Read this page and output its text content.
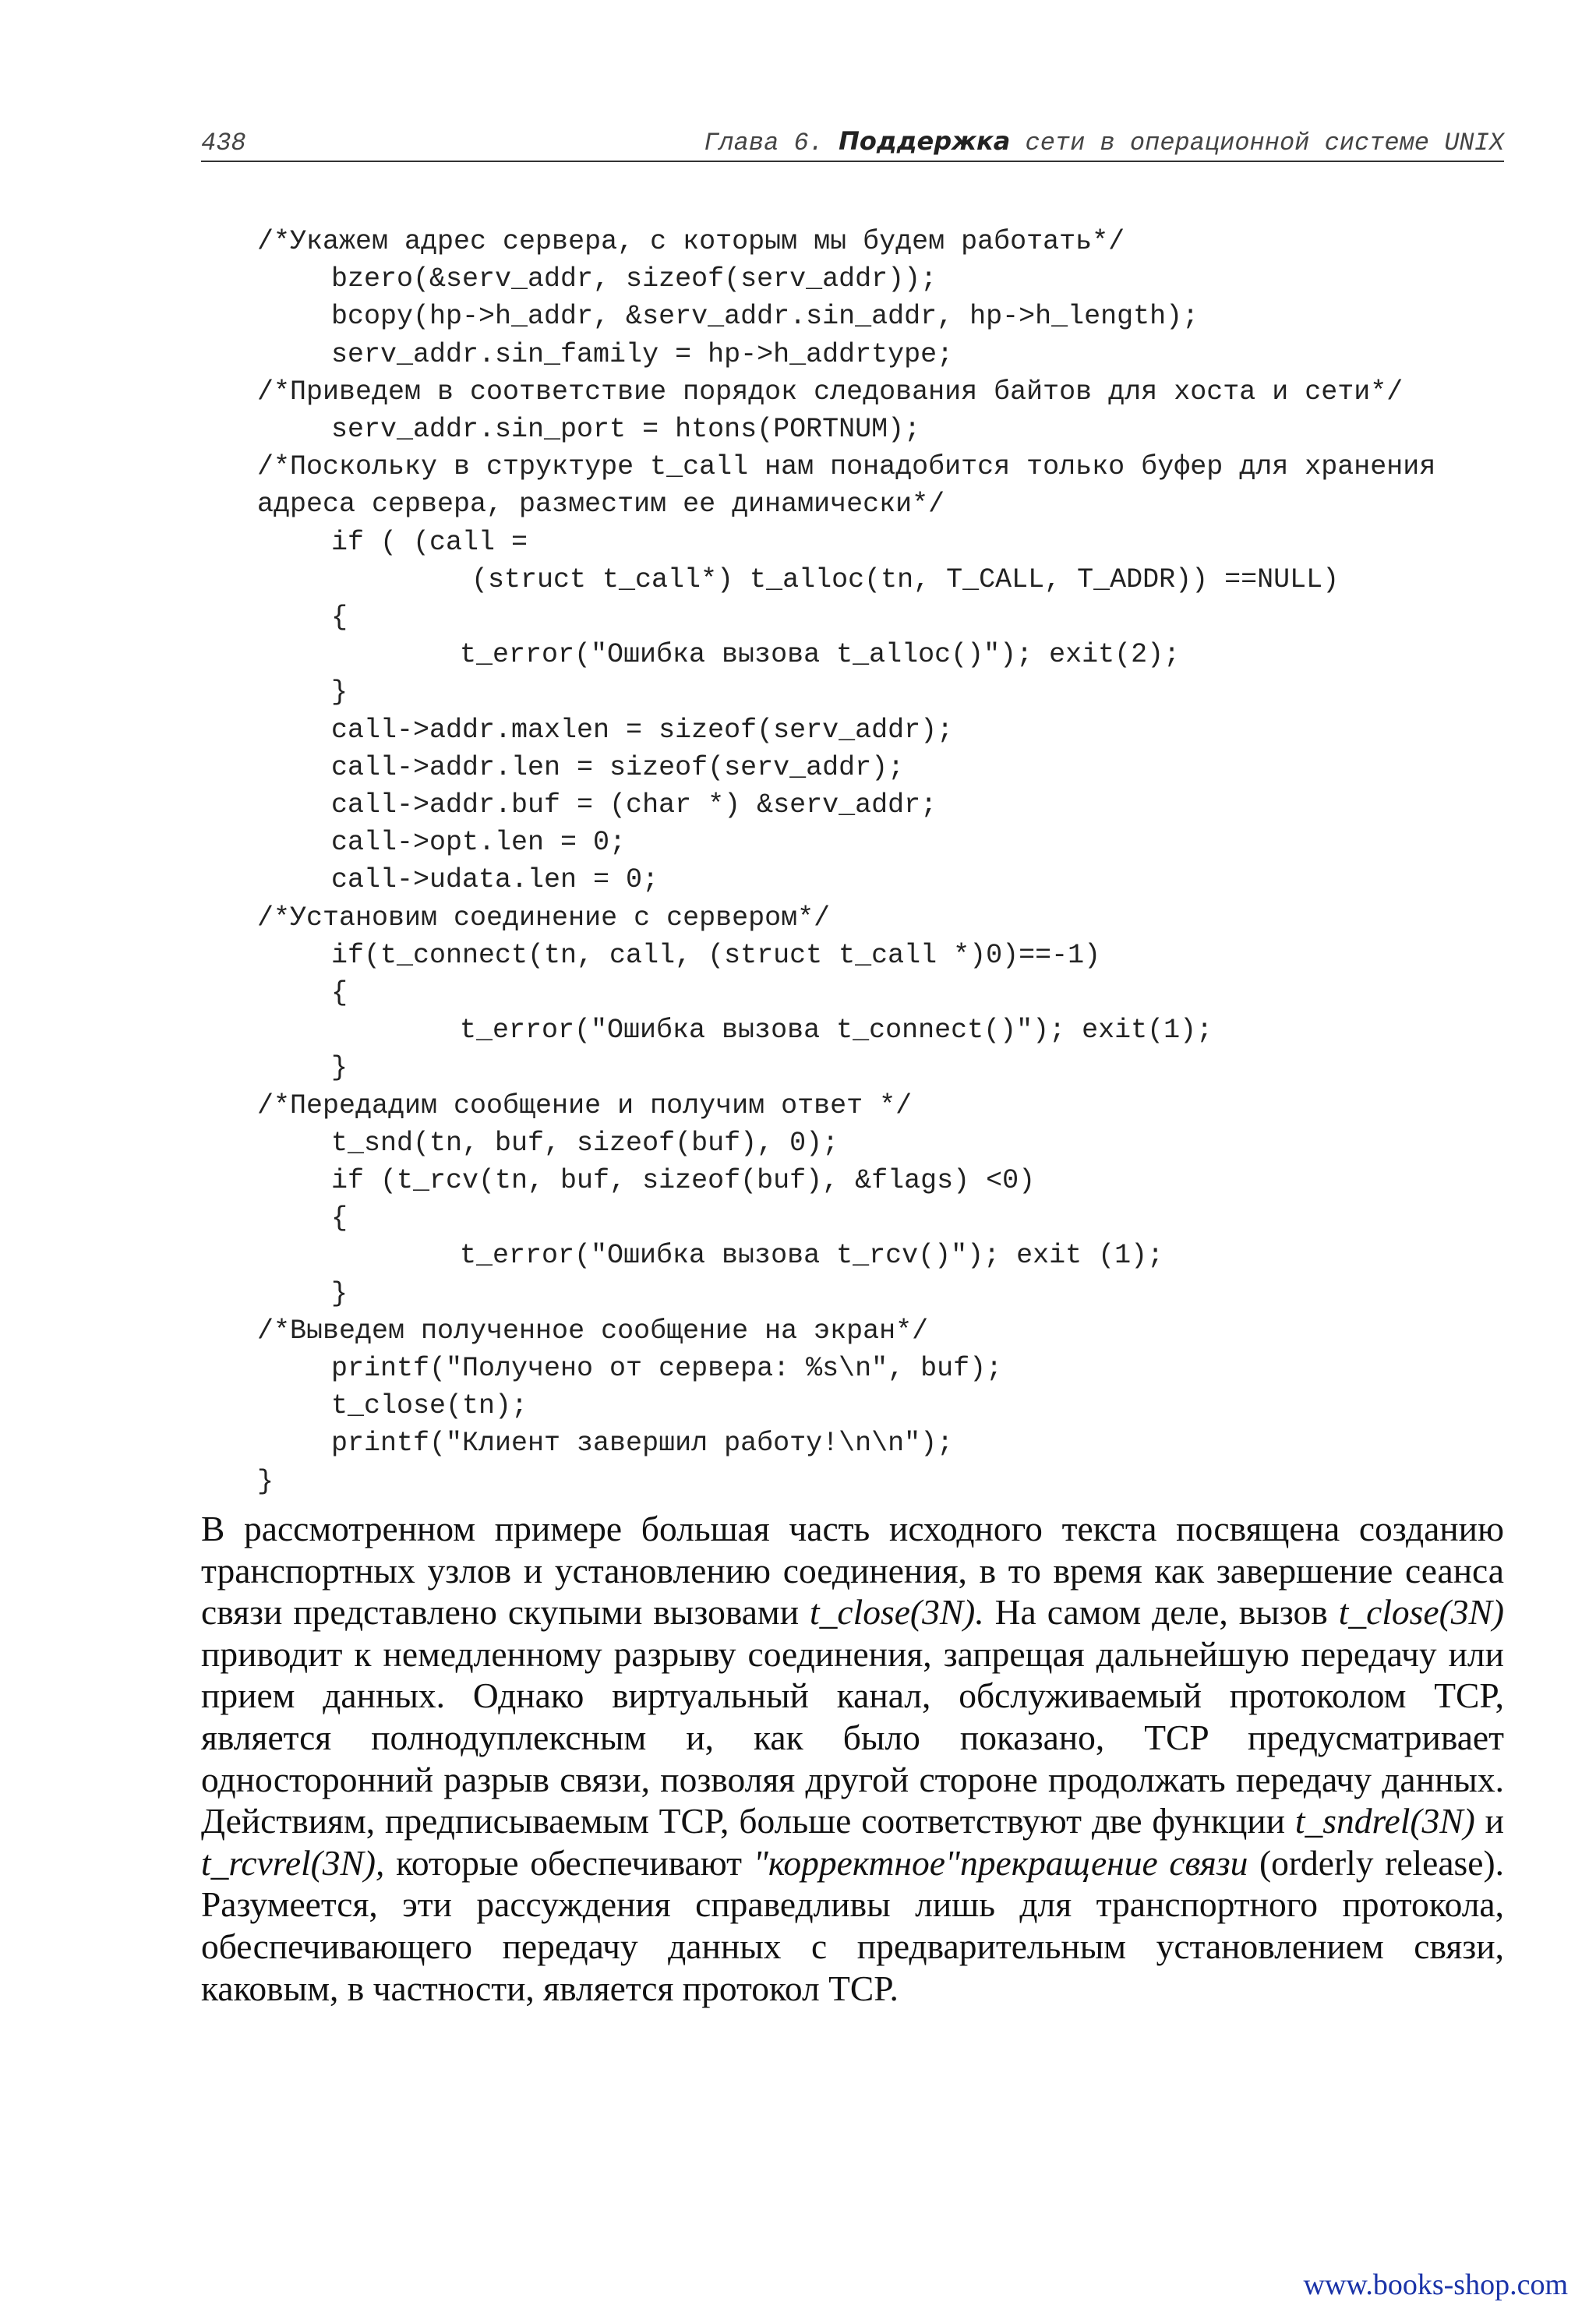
438	Глава 6. Поддержка сети в операционной системе UNIX
/*Укажем адрес сервера, с которым мы будем работать*/
bzero(&serv_addr, sizeof(serv_addr));
bcopy(hp->h_addr, &serv_addr.sin_addr, hp->h_length);
serv_addr.sin_family = hp->h_addrtype;
/*Приведем в соответствие порядок следования байтов для хоста и сети*/
serv_addr.sin_port = htons(PORTNUM);
/*Поскольку в структуре t_call нам понадобится только буфер для хранения
адреса сервера, разместим ее динамически*/
if ( (call =
(struct t_call*) t_alloc(tn, T_CALL, T_ADDR)) ==NULL)
{
t_error("Ошибка вызова t_alloc()"); exit(2);
}
call->addr.maxlen = sizeof(serv_addr);
call->addr.len = sizeof(serv_addr);
call->addr.buf = (char *) &serv_addr;
call->opt.len = 0;
call->udata.len = 0;
/*Установим соединение с сервером*/
if(t_connect(tn, call, (struct t_call *)0)==-1)
{
t_error("Ошибка вызова t_connect()"); exit(1);
}
/*Передадим сообщение и получим ответ */
t_snd(tn, buf, sizeof(buf), 0);
if (t_rcv(tn, buf, sizeof(buf), &flags) <0)
{
t_error("Ошибка вызова t_rcv()"); exit (1);
}
/*Выведем полученное сообщение на экран*/
printf("Получено от сервера: %s\n", buf);
t_close(tn);
printf("Клиент завершил работу!\n\n");
}

В рассмотренном примере большая часть исходного текста посвящена созданию транспортных узлов и установлению соединения, в то время как завершение сеанса связи представлено скупыми вызовами t_close(3N). На самом деле, вызов t_close(3N) приводит к немедленному разрыву соединения, запрещая дальнейшую передачу или прием данных. Однако виртуальный канал, обслуживаемый протоколом TCP, является полнодуплексным и, как было показано, TCP предусматривает односторонний разрыв связи, позволяя другой стороне продолжать передачу данных. Действиям, предписываемым TCP, больше соответствуют две функции t_sndrel(3N) и t_rcvrel(3N), которые обеспечивают "корректное"прекращение связи (orderly release). Разумеется, эти рассуждения справедливы лишь для транспортного протокола, обеспечивающего передачу данных с предварительным установлением связи, каковым, в частности, является протокол TCP.

www.books-shop.com
